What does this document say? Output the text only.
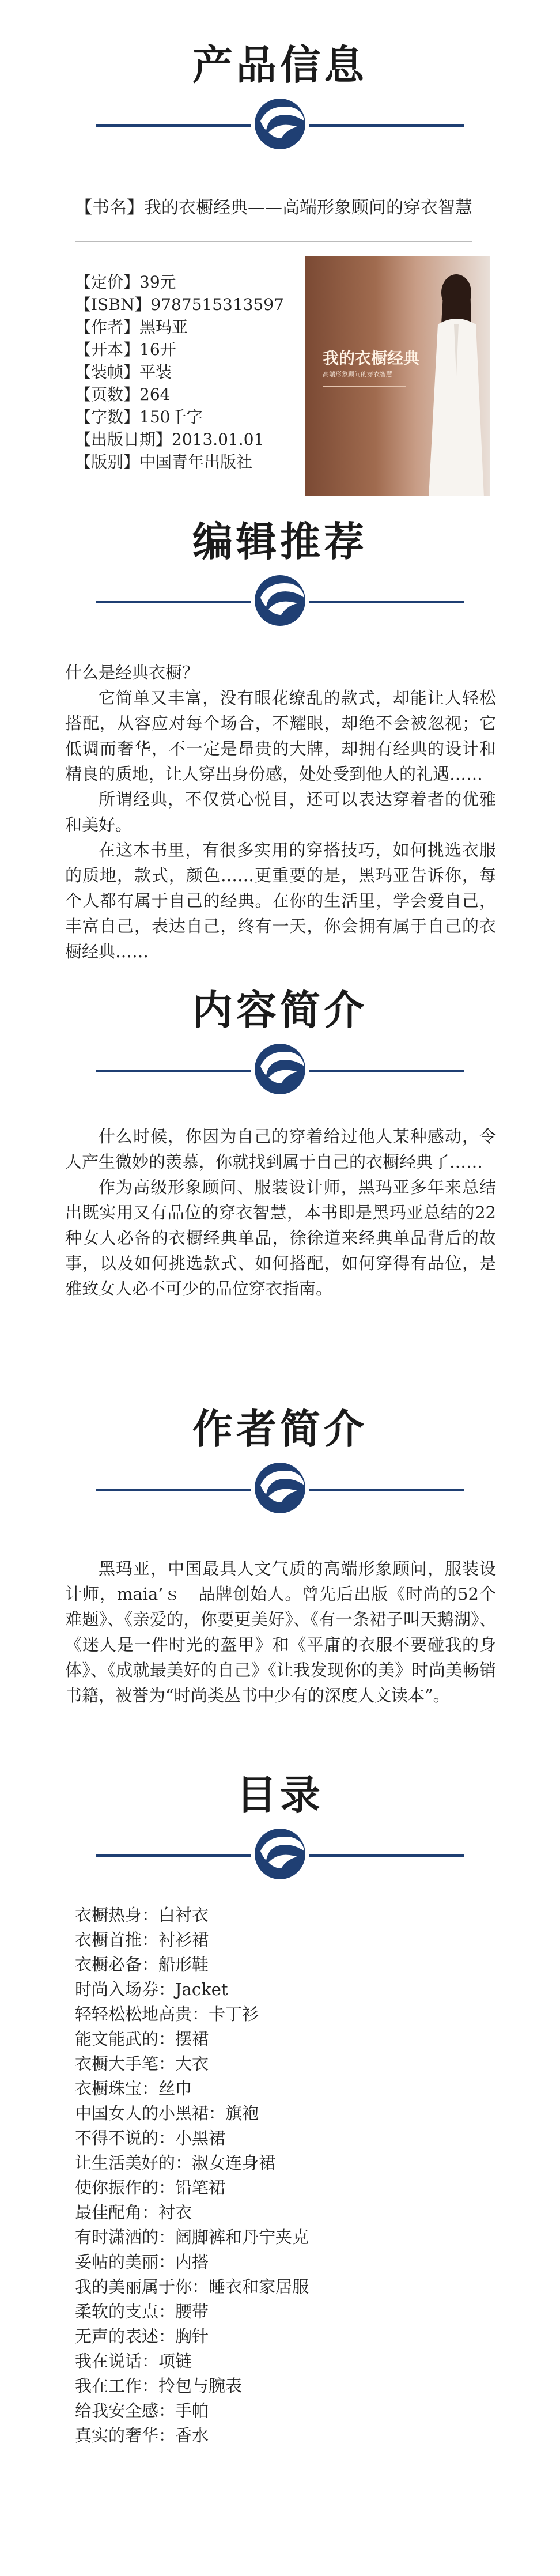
产品信息
【书名】我的衣橱经典——高端形象顾问的穿衣智慧
【定价】39元
【ISBN】9787515313597
【作者】黑玛亚
【开本】16开
【装帧】平装
【页数】264
【字数】150千字
【出版日期】2013.01.01
【版别】中国青年出版社
我的衣橱经典
高端形象顾问的穿衣智慧
编辑推荐

什么是经典衣橱？

它简单又丰富，没有眼花缭乱的款式，却能让人轻松搭配，从容应对每个场合，不耀眼，却绝不会被忽视；它低调而奢华，不一定是昂贵的大牌，却拥有经典的设计和精良的质地，让人穿出身份感，处处受到他人的礼遇……

所谓经典，不仅赏心悦目，还可以表达穿着者的优雅和美好。

在这本书里，有很多实用的穿搭技巧，如何挑选衣服的质地，款式，颜色……更重要的是，黑玛亚告诉你，每个人都有属于自己的经典。在你的生活里，学会爱自己，丰富自己，表达自己，终有一天，你会拥有属于自己的衣橱经典……

内容简介

什么时候，你因为自己的穿着给过他人某种感动，令人产生微妙的羡慕，你就找到属于自己的衣橱经典了……

作为高级形象顾问、服装设计师，黑玛亚多年来总结出既实用又有品位的穿衣智慧，本书即是黑玛亚总结的22种女人必备的衣橱经典单品，徐徐道来经典单品背后的故事，以及如何挑选款式、如何搭配，如何穿得有品位，是雅致女人必不可少的品位穿衣指南。

作者简介

黑玛亚，中国最具人文气质的高端形象顾问，服装设计师，maia’ｓ　品牌创始人。曾先后出版《时尚的52个难题》、《亲爱的，你要更美好》、《有一条裙子叫天鹅湖》、《迷人是一件时光的盔甲》和《平庸的衣服不要碰我的身体》、《成就最美好的自己》《让我发现你的美》时尚美畅销书籍，被誉为“时尚类丛书中少有的深度人文读本”。

目录
衣橱热身：白衬衣
衣橱首推：衬衫裙
衣橱必备：船形鞋
时尚入场券：Jacket
轻轻松松地高贵：卡丁衫
能文能武的：摆裙
衣橱大手笔：大衣
衣橱珠宝：丝巾
中国女人的小黑裙：旗袍
不得不说的：小黑裙
让生活美好的：淑女连身裙
使你振作的：铅笔裙
最佳配角：衬衣
有时潇洒的：阔脚裤和丹宁夹克
妥帖的美丽：内搭
我的美丽属于你：睡衣和家居服
柔软的支点：腰带
无声的表述：胸针
我在说话：项链
我在工作：拎包与腕表
给我安全感：手帕
真实的奢华：香水
